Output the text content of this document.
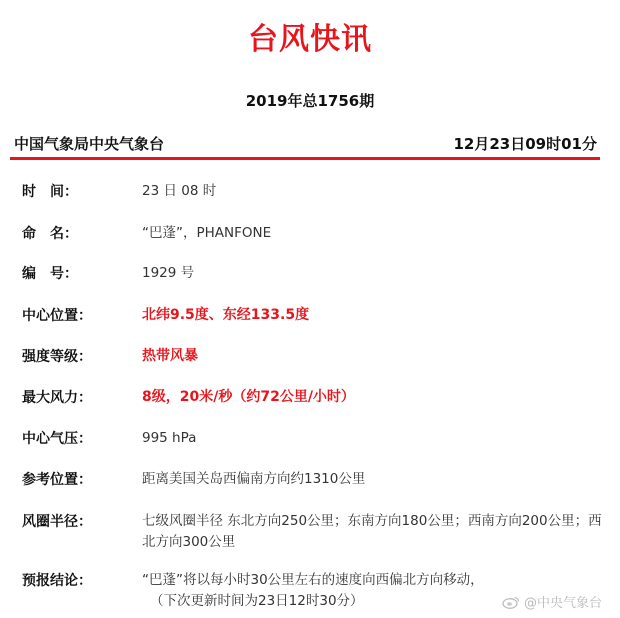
台风快讯
2019年总1756期
中国气象局中央气象台	12月23日09时01分
时　间：	23 日 08 时
命　名：	“巴蓬”，PHANFONE
编　号：	1929 号
中心位置：	北纬9.5度、东经133.5度
强度等级：	热带风暴
最大风力：	8级，20米/秒（约72公里/小时）
中心气压：	995 hPa
参考位置：	距离美国关岛西偏南方向约1310公里
风圈半径：	七级风圈半径 东北方向250公里；东南方向180公里；西南方向200公里；西北方向300公里
预报结论：	“巴蓬”将以每小时30公里左右的速度向西偏北方向移动，
（下次更新时间为23日12时30分）	@中央气象台
